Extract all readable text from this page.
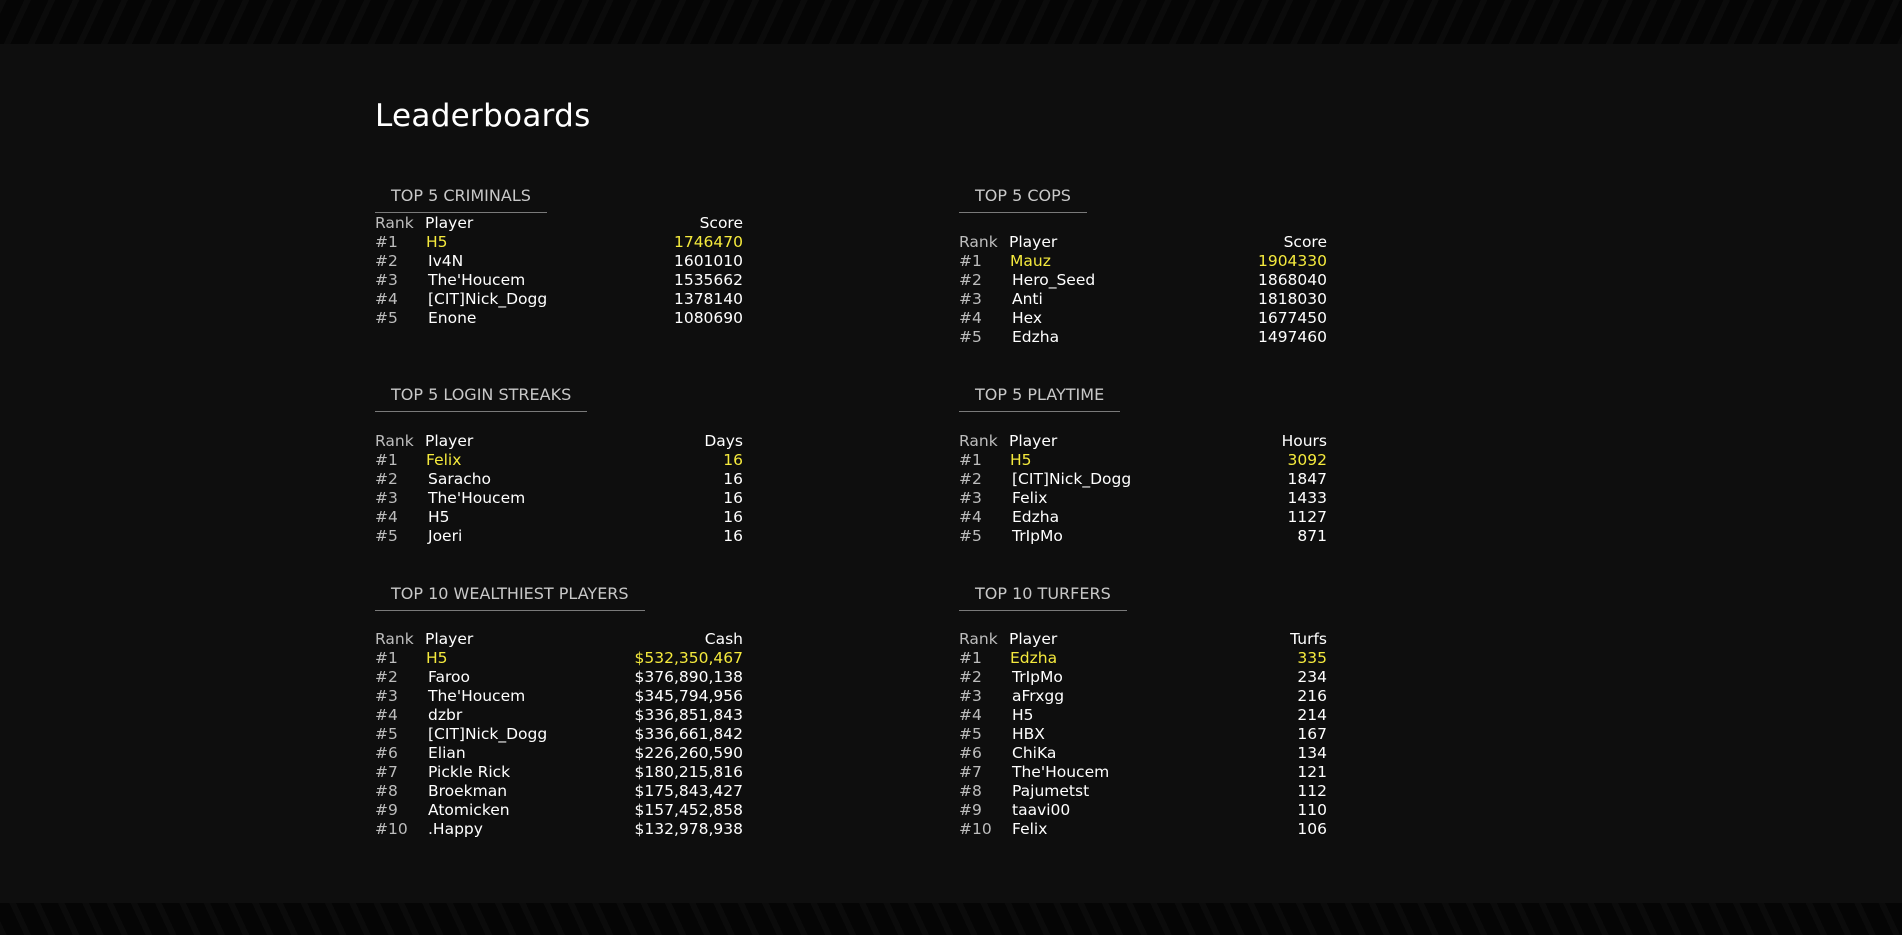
Leaderboards
TOP 5 CRIMINALS
Rank	Player	Score
#1	H5	1746470
#2	Iv4N	1601010
#3	The'Houcem	1535662
#4	[CIT]Nick_Dogg	1378140
#5	Enone	1080690
TOP 5 COPS
Rank	Player	Score
#1	Mauz	1904330
#2	Hero_Seed	1868040
#3	Anti	1818030
#4	Hex	1677450
#5	Edzha	1497460
TOP 5 LOGIN STREAKS
Rank	Player	Days
#1	Felix	16
#2	Saracho	16
#3	The'Houcem	16
#4	H5	16
#5	Joeri	16
TOP 5 PLAYTIME
Rank	Player	Hours
#1	H5	3092
#2	[CIT]Nick_Dogg	1847
#3	Felix	1433
#4	Edzha	1127
#5	TrIpMo	871
TOP 10 WEALTHIEST PLAYERS
Rank	Player	Cash
#1	H5	$532,350,467
#2	Faroo	$376,890,138
#3	The'Houcem	$345,794,956
#4	dzbr	$336,851,843
#5	[CIT]Nick_Dogg	$336,661,842
#6	Elian	$226,260,590
#7	Pickle Rick	$180,215,816
#8	Broekman	$175,843,427
#9	Atomicken	$157,452,858
#10	.Happy	$132,978,938
TOP 10 TURFERS
Rank	Player	Turfs
#1	Edzha	335
#2	TrIpMo	234
#3	aFrxgg	216
#4	H5	214
#5	HBX	167
#6	ChiKa	134
#7	The'Houcem	121
#8	Pajumetst	112
#9	taavi00	110
#10	Felix	106
